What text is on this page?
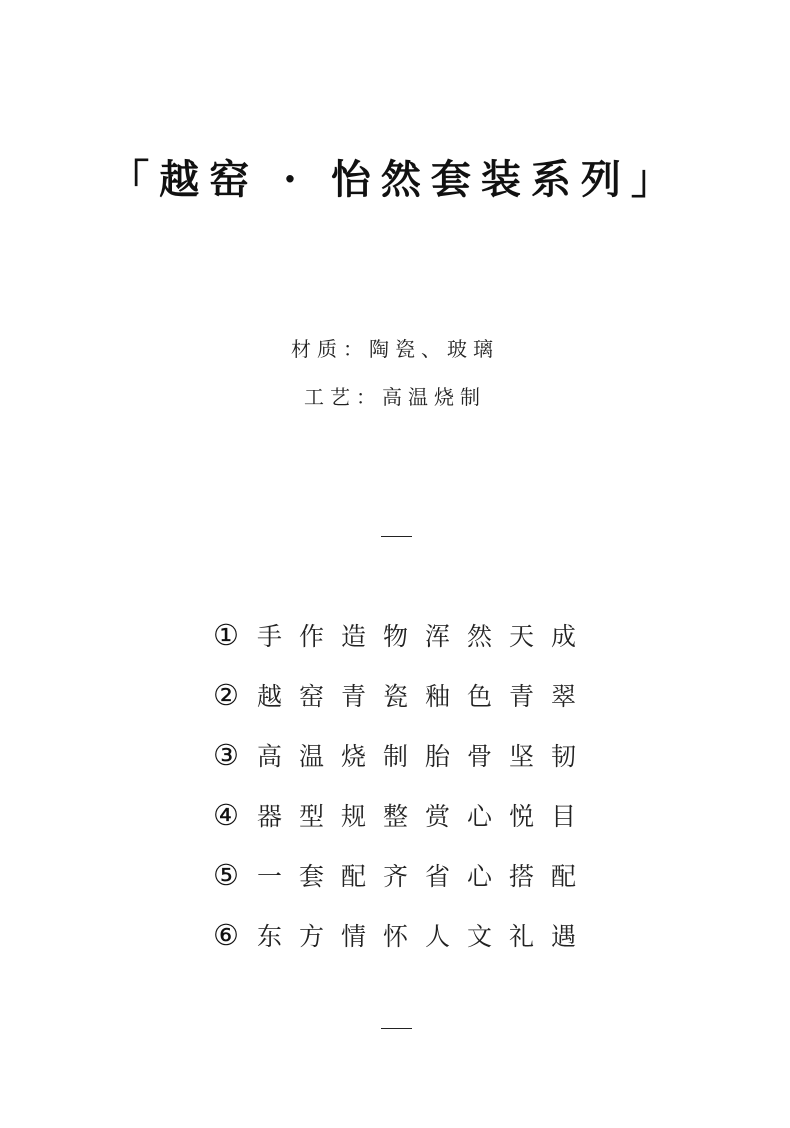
「越窑 · 怡然套装系列」
材质：陶瓷、玻璃
工艺：高温烧制
① 手作造物浑然天成
② 越窑青瓷釉色青翠
③ 高温烧制胎骨坚韧
④ 器型规整赏心悦目
⑤ 一套配齐省心搭配
⑥ 东方情怀人文礼遇
